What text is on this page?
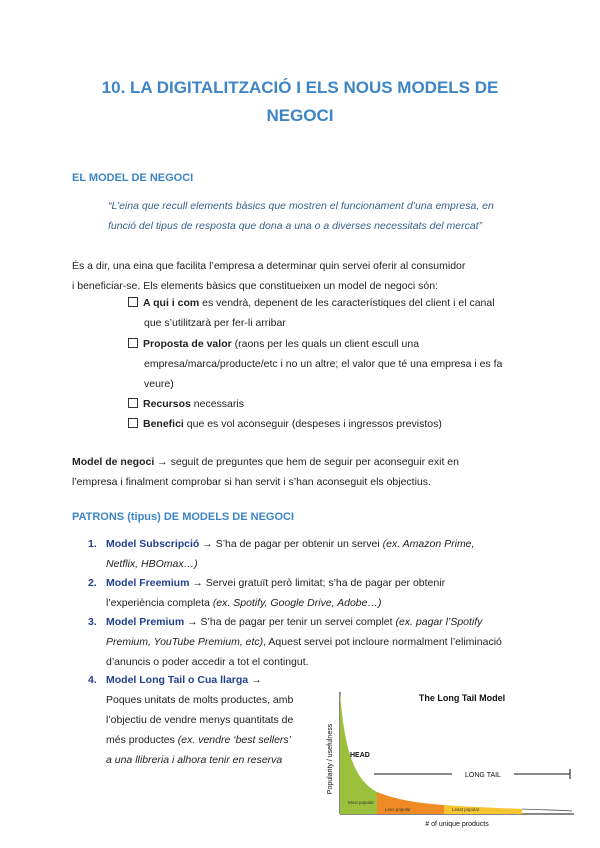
10. LA DIGITALITZACIÓ I ELS NOUS MODELS DE
NEGOCI
EL MODEL DE NEGOCI
“L’eina que recull elements bàsics que mostren el funcionament d’una empresa, en
funció del tipus de resposta que dona a una o a diverses necessitats del mercat”
És a dir, una eina que facilita l’empresa a determinar quin servei oferir al consumidor
i beneficiar-se. Els elements bàsics que constitueixen un model de negoci són:
A qui i com es vendrà, depenent de les característiques del client i el canal
que s’utilitzarà per fer-li arribar
Proposta de valor (raons per les quals un client escull una
empresa/marca/producte/etc i no un altre; el valor que té una empresa i es fa
veure)
Recursos necessaris
Benefici que es vol aconseguir (despeses i ingressos previstos)
Model de negoci → seguit de preguntes que hem de seguir per aconseguir exit en
l’empresa i finalment comprobar si han servit i s’han aconseguit els objectius.
PATRONS (tipus) DE MODELS DE NEGOCI
1. Model Subscripció → S’ha de pagar per obtenir un servei (ex. Amazon Prime,
Netflix, HBOmax…)
2. Model Freemium → Servei gratuït però limitat; s’ha de pagar per obtenir
l’experiència completa (ex. Spotify, Google Drive, Adobe…)
3. Model Premium → S’ha de pagar per tenir un servei complet (ex. pagar l’Spotify
Premium, YouTube Premium, etc), Aquest servei pot incloure normalment l’eliminació
d’anuncis o poder accedir a tot el contingut.
4. Model Long Tail o Cua llarga →
Poques unitats de molts productes, amb
l’objectiu de vendre menys quantitats de
més productes (ex. vendre ‘best sellers’
a una llibreria i alhora tenir en reserva
The Long Tail Model
Popularity / usefulness HEAD
LONG TAIL
Most popular
Less popular	Least popular
# of unique products
